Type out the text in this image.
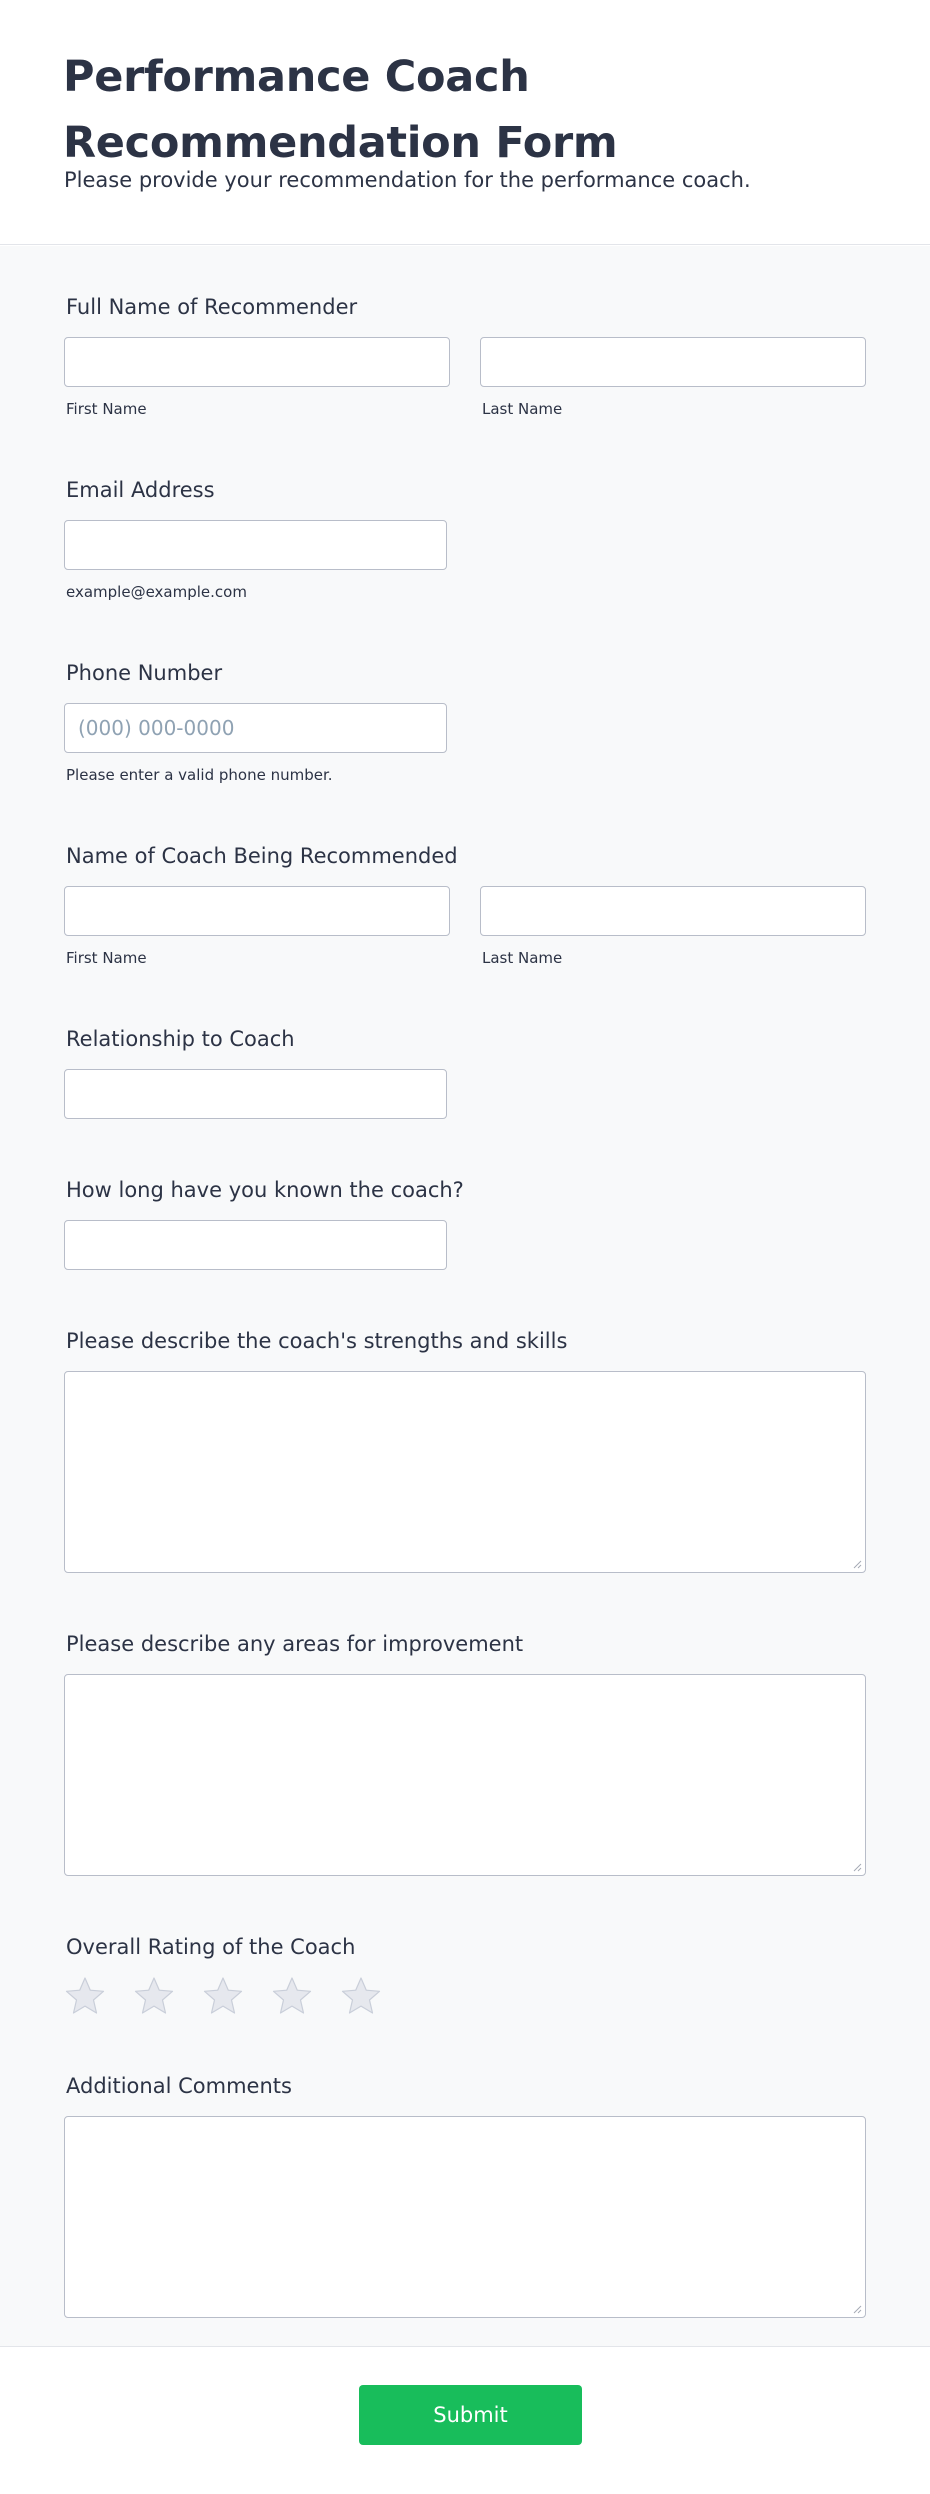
Performance Coach Recommendation Form

Please provide your recommendation for the performance coach.

Full Name of Recommender
First Name	Last Name
Email Address
example@example.com
Phone Number
(000) 000-0000
Please enter a valid phone number.
Name of Coach Being Recommended
First Name	Last Name
Relationship to Coach
How long have you known the coach?
Please describe the coach's strengths and skills
Please describe any areas for improvement
Overall Rating of the Coach
Additional Comments
Submit
